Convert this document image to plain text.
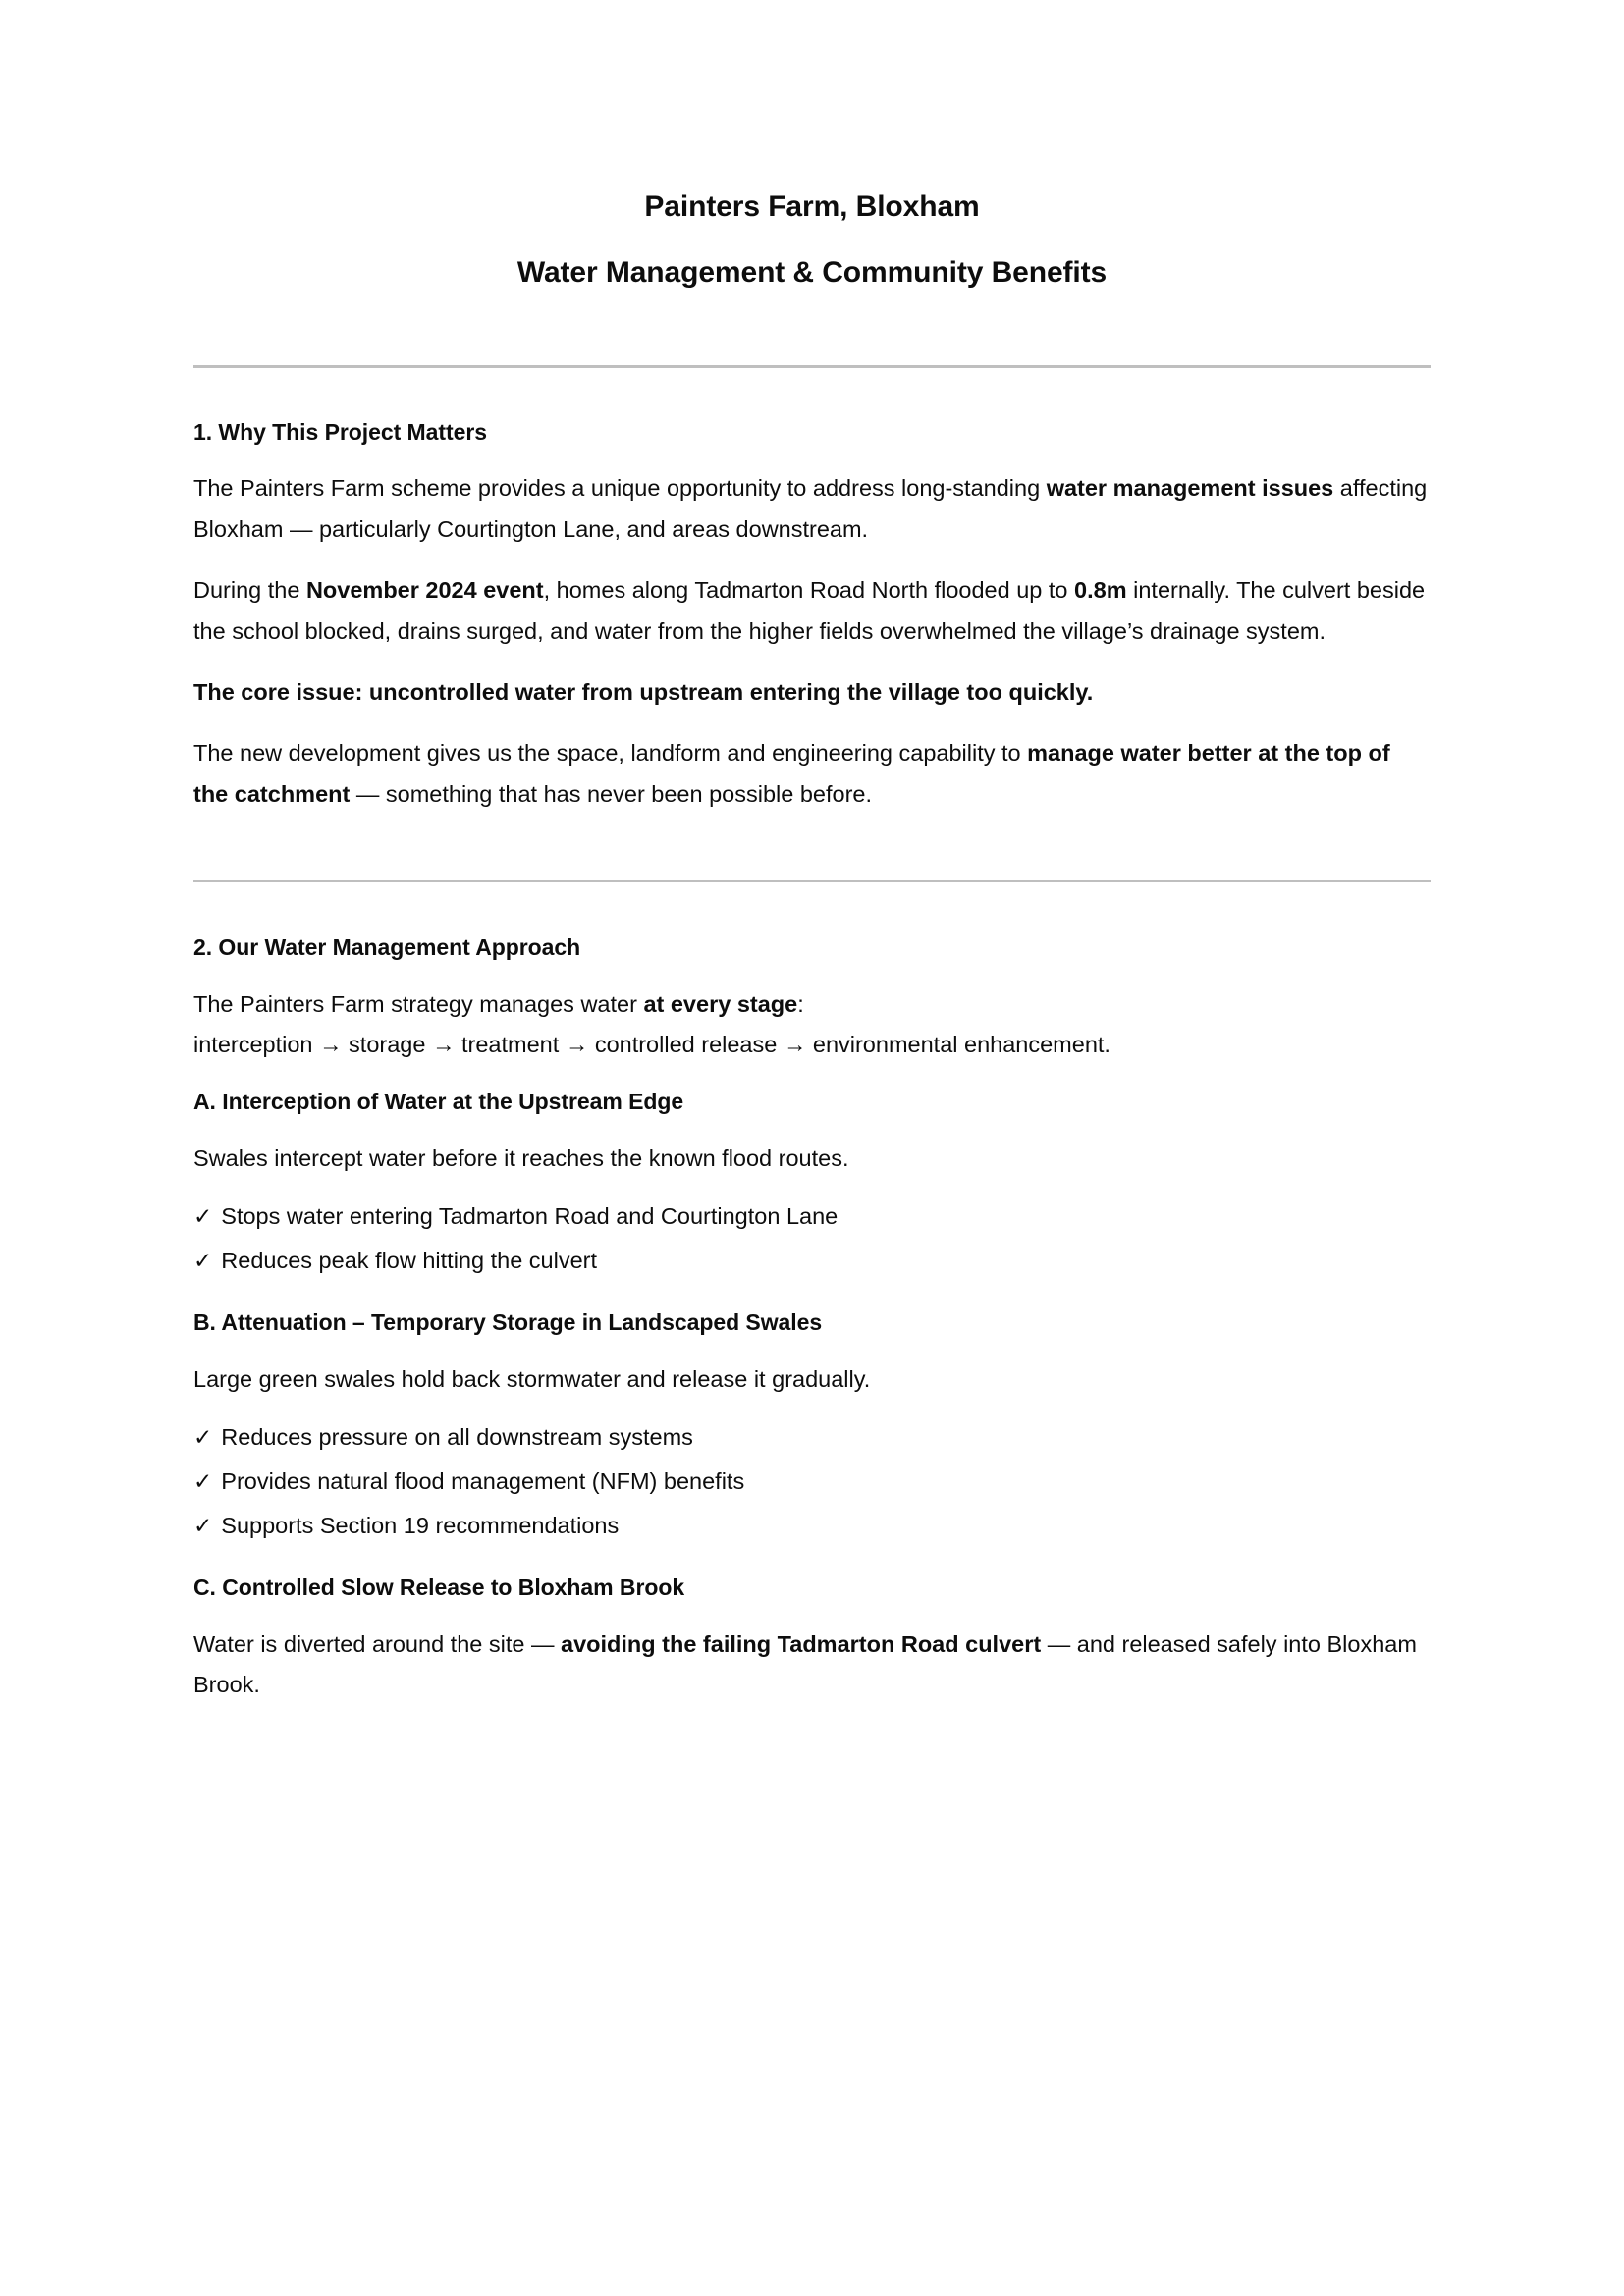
Painters Farm, Bloxham
Water Management & Community Benefits
1. Why This Project Matters

The Painters Farm scheme provides a unique opportunity to address long-standing water management issues affecting Bloxham — particularly Courtington Lane, and areas downstream.

During the November 2024 event, homes along Tadmarton Road North flooded up to 0.8m internally. The culvert beside the school blocked, drains surged, and water from the higher fields overwhelmed the village’s drainage system.

The core issue: uncontrolled water from upstream entering the village too quickly.

The new development gives us the space, landform and engineering capability to manage water better at the top of the catchment — something that has never been possible before.

2. Our Water Management Approach

The Painters Farm strategy manages water at every stage:

interception → storage → treatment → controlled release → environmental enhancement.

A. Interception of Water at the Upstream Edge

Swales intercept water before it reaches the known flood routes.

✓ Stops water entering Tadmarton Road and Courtington Lane
✓ Reduces peak flow hitting the culvert
B. Attenuation – Temporary Storage in Landscaped Swales

Large green swales hold back stormwater and release it gradually.

✓ Reduces pressure on all downstream systems
✓ Provides natural flood management (NFM) benefits
✓ Supports Section 19 recommendations
C. Controlled Slow Release to Bloxham Brook

Water is diverted around the site — avoiding the failing Tadmarton Road culvert — and released safely into Bloxham Brook.
